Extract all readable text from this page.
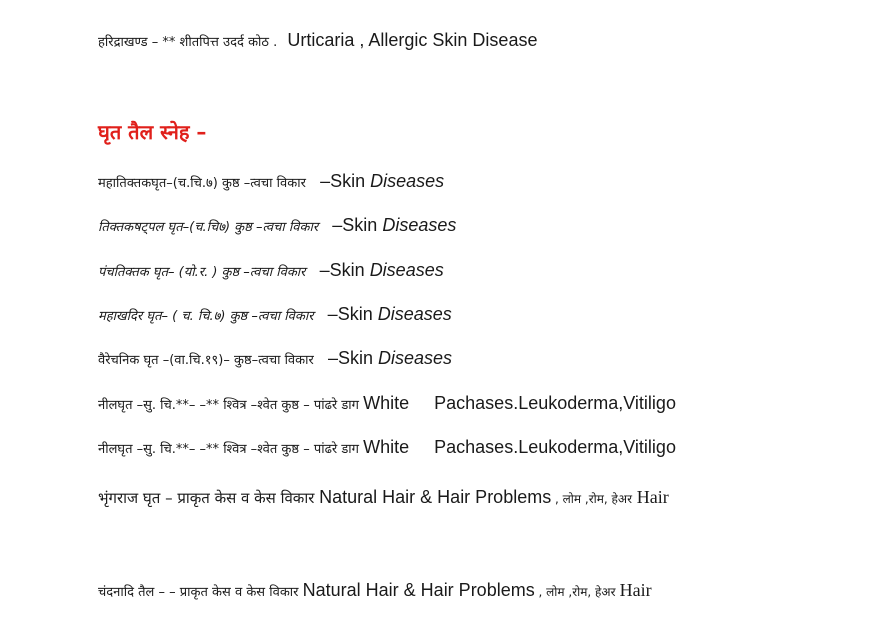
हरिद्राखण्ड – ** शीतपित्त उदर्द कोठ . Urticaria , Allergic Skin Disease
घृत तैल स्नेह –
महातिक्तकघृत–(च.चि.७) कुष्ठ –त्वचा विकार –Skin Diseases
तिक्तकषट्पल घृत–(च.चि७) कुष्ठ –त्वचा विकार –Skin Diseases
पंचतिक्तक घृत– (यो.र. ) कुष्ठ –त्वचा विकार –Skin Diseases
महाखदिर घृत– ( च. चि.७) कुष्ठ –त्वचा विकार –Skin Diseases
वैरेचनिक घृत –(वा.चि.१९)– कुष्ठ–त्वचा विकार –Skin Diseases
नीलघृत –सु. चि.**– –** श्वित्र –श्वेत कुष्ठ – पांढरे डाग White     Pachases.Leukoderma,Vitiligo
नीलघृत –सु. चि.**– –** श्वित्र –श्वेत कुष्ठ – पांढरे डाग White     Pachases.Leukoderma,Vitiligo
भृंगराज घृत – प्राकृत केस व केस विकार Natural Hair & Hair Problems , लोम ,रोम, हेअर Hair
चंदनादि तैल – – प्राकृत केस व केस विकार Natural Hair & Hair Problems , लोम ,रोम, हेअर Hair
